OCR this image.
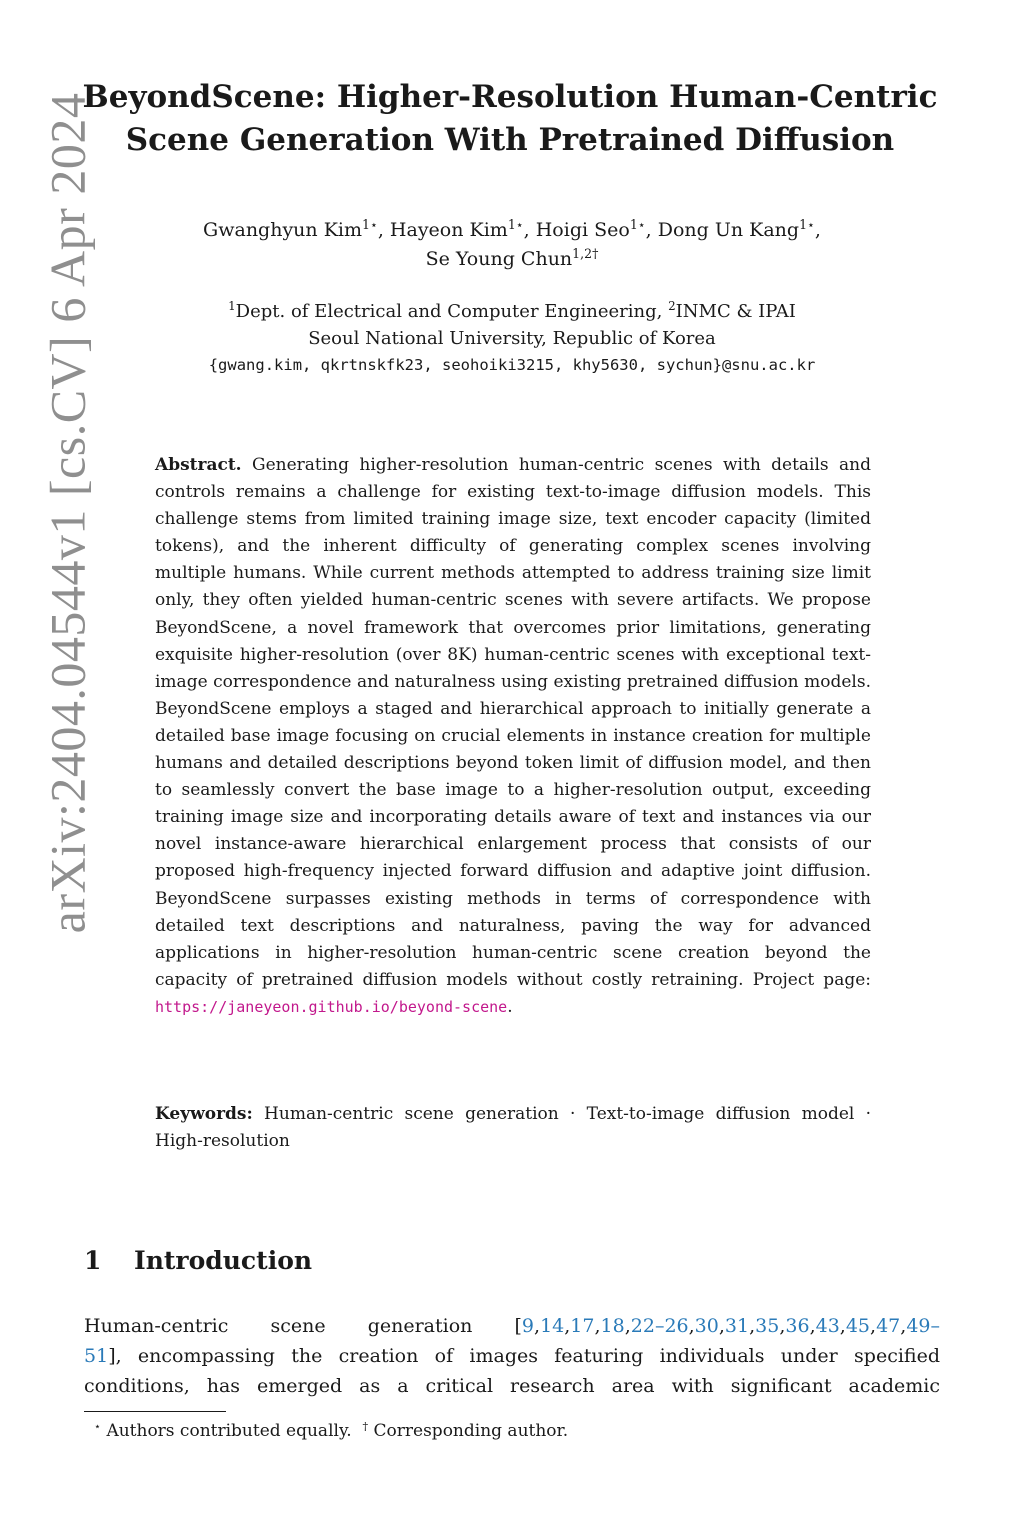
arXiv:2404.04544v1 [cs.CV] 6 Apr 2024
BeyondScene: Higher-Resolution Human-Centric
Scene Generation With Pretrained Diffusion
Gwanghyun Kim$^{1⋆}$, Hayeon Kim$^{1⋆}$, Hoigi Seo$^{1⋆}$, Dong Un Kang$^{1⋆}$,
Se Young Chun$^{1,2\dagger}$
$^1$Dept. of Electrical and Computer Engineering, $^2$INMC & IPAI
Seoul National University, Republic of Korea
{gwang.kim, qkrtnskfk23, seohoiki3215, khy5630, sychun}@snu.ac.kr
Abstract. Generating higher-resolution human-centric scenes with details and controls remains a challenge for existing text-to-image diffusion models. This challenge stems from limited training image size, text encoder capacity (limited tokens), and the inherent difficulty of generating complex scenes involving multiple humans. While current methods attempted to address training size limit only, they often yielded human-centric scenes with severe artifacts. We propose BeyondScene, a novel framework that overcomes prior limitations, generating exquisite higher-resolution (over 8K) human-centric scenes with exceptional text-image correspondence and naturalness using existing pretrained diffusion models. BeyondScene employs a staged and hierarchical approach to initially generate a detailed base image focusing on crucial elements in instance creation for multiple humans and detailed descriptions beyond token limit of diffusion model, and then to seamlessly convert the base image to a higher-resolution output, exceeding training image size and incorporating details aware of text and instances via our novel instance-aware hierarchical enlargement process that consists of our proposed high-frequency injected forward diffusion and adaptive joint diffusion. BeyondScene surpasses existing methods in terms of correspondence with detailed text descriptions and naturalness, paving the way for advanced applications in higher-resolution human-centric scene creation beyond the capacity of pretrained diffusion models without costly retraining. Project page: https://janeyeon.github.io/beyond-scene.
Keywords: Human-centric scene generation · Text-to-image diffusion model · High-resolution
1 Introduction
Human-centric scene generation [9,14,17,18,22–26,30,31,35,36,43,45,47,49–
51], encompassing the creation of images featuring individuals under specified
conditions, has emerged as a critical research area with significant academic
⋆ Authors contributed equally. † Corresponding author.
